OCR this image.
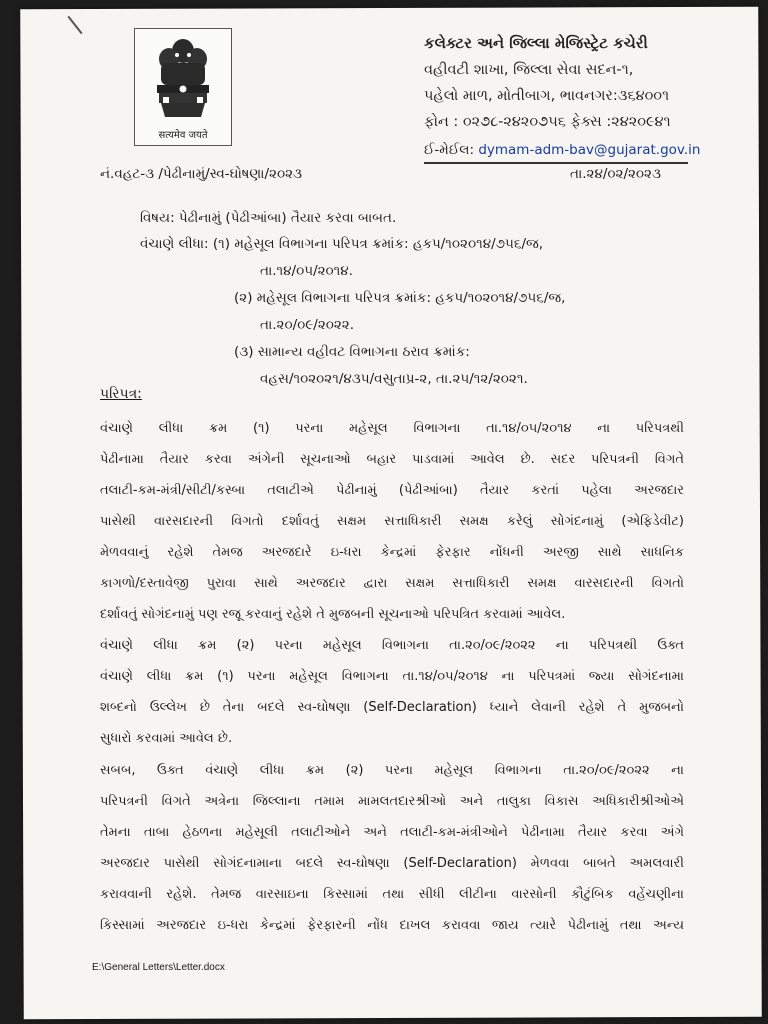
सत्यमेव जयते
કલેક્ટર અને જિલ્લા મેજિસ્ટ્રેટ કચેરી
વહીવટી શાખા, જિલ્લા સેવા સદન-૧,
પહેલો માળ, મોતીબાગ, ભાવનગર:૩૬૪૦૦૧
ફોન : ૦૨૭૮-૨૪૨૦૭૫૬ ફેક્સ :૨૪૨૦૯૪૧
ઈ-મેઈલ: dymam-adm-bav@gujarat.gov.in
નં.વહટ-૩ /પેઢીનામું/સ્વ-ઘોષણા/૨૦૨૩	તા.૨૪/૦૨/૨૦૨૩
વિષય: પેઢીનામું (પેઢીઆંબા) તૈયાર કરવા બાબત.
વંચાણે લીધા: (૧) મહેસૂલ વિભાગના પરિપત્ર ક્રમાંક: હકપ/૧૦૨૦૧૪/૭૫૬/જ,
તા.૧૪/૦૫/૨૦૧૪.
(૨) મહેસૂલ વિભાગના પરિપત્ર ક્રમાંક: હકપ/૧૦૨૦૧૪/૭૫૬/જ,
તા.૨૦/૦૯/૨૦૨૨.
(૩) સામાન્ય વહીવટ વિભાગના ઠરાવ ક્રમાંક:
વહસ/૧૦૨૦૨૧/૪૩૫/વસુતાપ્ર-૨, તા.૨૫/૧૨/૨૦૨૧.
પરિપત્ર:
વંચાણે લીધા ક્રમ (૧) પરના મહેસૂલ વિભાગના તા.૧૪/૦૫/૨૦૧૪ ના પરિપત્રથી
પેઢીનામા તૈયાર કરવા અંગેની સૂચનાઓ બહાર પાડવામાં આવેલ છે. સદર પરિપત્રની વિગતે
તલાટી-કમ-મંત્રી/સીટી/કસ્બા તલાટીએ પેઢીનામું (પેઢીઆંબા) તૈયાર કરતાં પહેલા અરજદાર
પાસેથી વારસદારની વિગતો દર્શાવતું સક્ષમ સત્તાધિકારી સમક્ષ કરેલું સોગંદનામું (એફિડેવીટ)
મેળવવાનું રહેશે તેમજ અરજદારે ઇ-ધરા કેન્દ્રમાં ફેરફાર નોંધની અરજી સાથે સાધનિક
કાગળો/દસ્તાવેજી પુરાવા સાથે અરજદાર દ્વારા સક્ષમ સત્તાધિકારી સમક્ષ વારસદારની વિગતો
દર્શાવતું સોગંદનામું પણ રજૂ કરવાનું રહેશે તે મુજબની સૂચનાઓ પરિપત્રિત કરવામાં આવેલ.
વંચાણે લીધા ક્રમ (૨) પરના મહેસૂલ વિભાગના તા.૨૦/૦૯/૨૦૨૨ ના પરિપત્રથી ઉક્ત
વંચાણે લીધા ક્રમ (૧) પરના મહેસૂલ વિભાગના તા.૧૪/૦૫/૨૦૧૪ ના પરિપત્રમાં જ્યા સોગંદનામા
શબ્દનો ઉલ્લેખ છે તેના બદલે સ્વ-ઘોષણા (Self-Declaration) ધ્યાને લેવાની રહેશે તે મુજબનો
સુધારો કરવામાં આવેલ છે.
સબબ, ઉક્ત વંચાણે લીધા ક્રમ (૨) પરના મહેસૂલ વિભાગના તા.૨૦/૦૯/૨૦૨૨ ના
પરિપત્રની વિગતે અત્રેના જિલ્લાના તમામ મામલતદારશ્રીઓ અને તાલુકા વિકાસ અધિકારીશ્રીઓએ
તેમના તાબા હેઠળના મહેસૂલી તલાટીઓને અને તલાટી-કમ-મંત્રીઓને પેઢીનામા તૈયાર કરવા અંગે
અરજદાર પાસેથી સોગંદનામાના બદલે સ્વ-ઘોષણા (Self-Declaration) મેળવવા બાબતે અમલવારી
કરાવવાની રહેશે. તેમજ વારસાઇના કિસ્સામાં તથા સીધી લીટીના વારસોની કૌટુંબિક વહેંચણીના
કિસ્સામાં અરજદાર ઇ-ધરા કેન્દ્રમાં ફેરફારની નોંધ દાખલ કરાવવા જાય ત્યારે પેઢીનામું તથા અન્ય
E:\General Letters\Letter.docx
